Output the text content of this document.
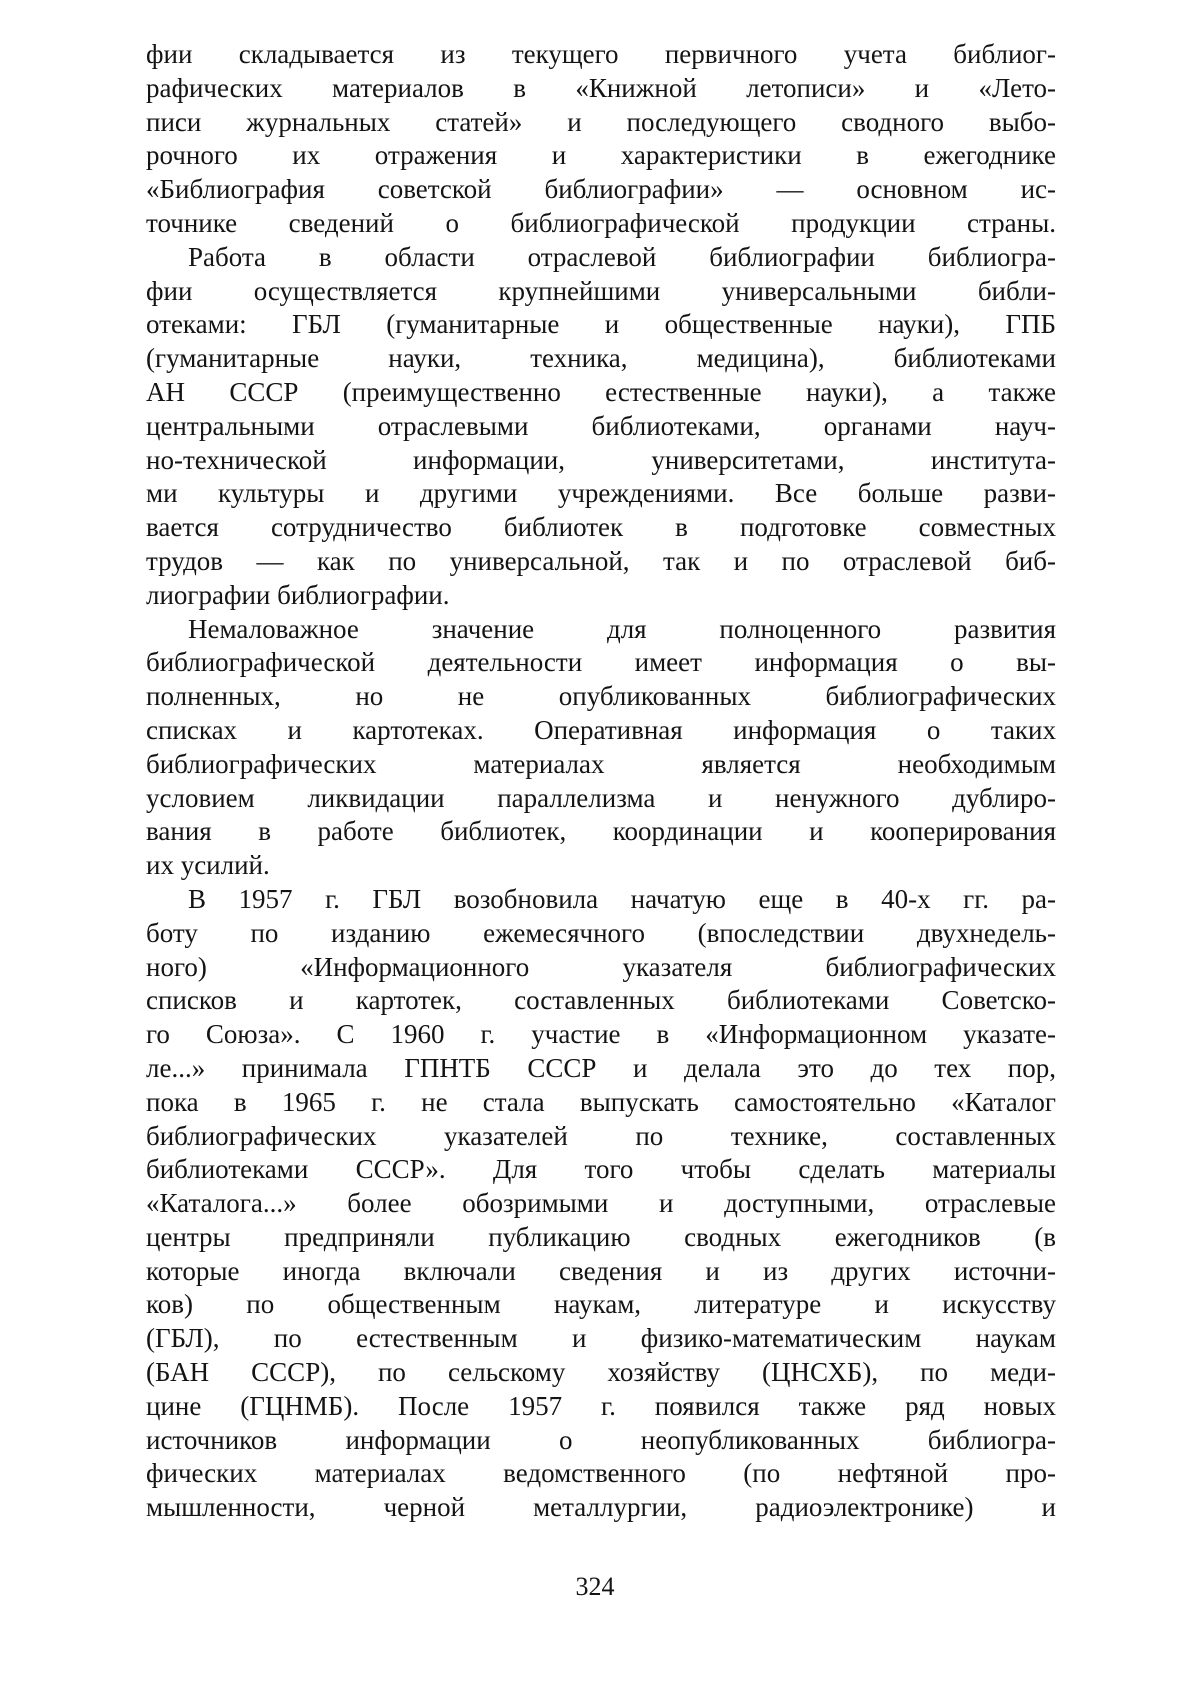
фии складывается из текущего первичного учета библиог-
рафических материалов в «Книжной летописи» и «Лето-
писи журнальных статей» и последующего сводного выбо-
рочного их отражения и характеристики в ежегоднике
«Библиография советской библиографии» — основном ис-
точнике сведений о библиографической продукции страны.
Работа в области отраслевой библиографии библиогра-
фии осуществляется крупнейшими универсальными библи-
отеками: ГБЛ (гуманитарные и общественные науки), ГПБ
(гуманитарные науки, техника, медицина), библиотеками
АН СССР (преимущественно естественные науки), а также
центральными отраслевыми библиотеками, органами науч-
но-технической информации, университетами, института-
ми культуры и другими учреждениями. Все больше разви-
вается сотрудничество библиотек в подготовке совместных
трудов — как по универсальной, так и по отраслевой биб-
лиографии библиографии.
Немаловажное значение для полноценного развития
библиографической деятельности имеет информация о вы-
полненных, но не опубликованных библиографических
списках и картотеках. Оперативная информация о таких
библиографических материалах является необходимым
условием ликвидации параллелизма и ненужного дублиро-
вания в работе библиотек, координации и кооперирования
их усилий.
В 1957 г. ГБЛ возобновила начатую еще в 40-х гг. ра-
боту по изданию ежемесячного (впоследствии двухнедель-
ного) «Информационного указателя библиографических
списков и картотек, составленных библиотеками Советско-
го Союза». С 1960 г. участие в «Информационном указате-
ле...» принимала ГПНТБ СССР и делала это до тех пор,
пока в 1965 г. не стала выпускать самостоятельно «Каталог
библиографических указателей по технике, составленных
библиотеками СССР». Для того чтобы сделать материалы
«Каталога...» более обозримыми и доступными, отраслевые
центры предприняли публикацию сводных ежегодников (в
которые иногда включали сведения и из других источни-
ков) по общественным наукам, литературе и искусству
(ГБЛ), по естественным и физико-математическим наукам
(БАН СССР), по сельскому хозяйству (ЦНСХБ), по меди-
цине (ГЦНМБ). После 1957 г. появился также ряд новых
источников информации о неопубликованных библиогра-
фических материалах ведомственного (по нефтяной про-
мышленности, черной металлургии, радиоэлектронике) и
324
